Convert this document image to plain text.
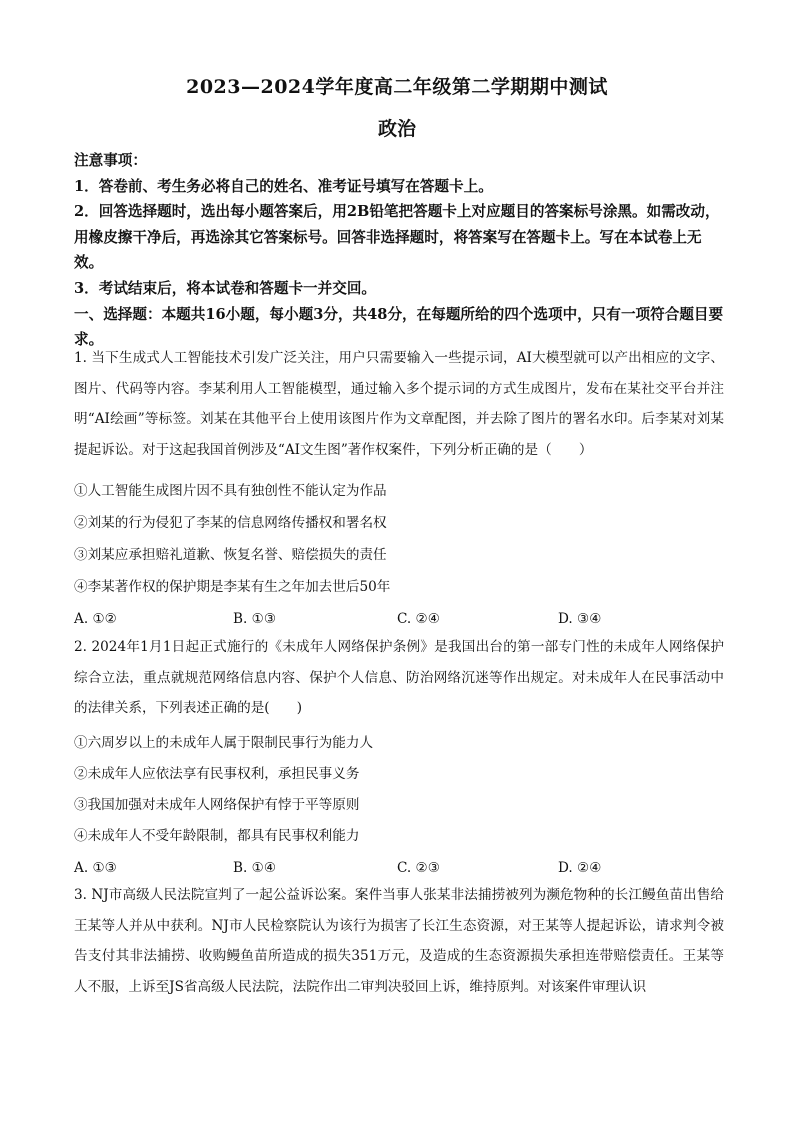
2023—2024学年度高二年级第二学期期中测试
政治

注意事项：

1．答卷前、考生务必将自己的姓名、准考证号填写在答题卡上。

2．回答选择题时，选出每小题答案后，用2B铅笔把答题卡上对应题目的答案标号涂黑。如需改动，用橡皮擦干净后，再选涂其它答案标号。回答非选择题时，将答案写在答题卡上。写在本试卷上无效。

3．考试结束后，将本试卷和答题卡一并交回。

一、选择题：本题共16小题，每小题3分，共48分，在每题所给的四个选项中，只有一项符合题目要求。

1. 当下生成式人工智能技术引发广泛关注，用户只需要输入一些提示词，AI大模型就可以产出相应的文字、图片、代码等内容。李某利用人工智能模型，通过输入多个提示词的方式生成图片，发布在某社交平台并注明“AI绘画”等标签。刘某在其他平台上使用该图片作为文章配图，并去除了图片的署名水印。后李某对刘某提起诉讼。对于这起我国首例涉及“AI文生图”著作权案件，下列分析正确的是（　　）

①人工智能生成图片因不具有独创性不能认定为作品
②刘某的行为侵犯了李某的信息网络传播权和署名权
③刘某应承担赔礼道歉、恢复名誉、赔偿损失的责任
④李某著作权的保护期是李某有生之年加去世后50年
A. ①②	B. ①③	C. ②④	D. ③④

2. 2024年1月1日起正式施行的《未成年人网络保护条例》是我国出台的第一部专门性的未成年人网络保护综合立法，重点就规范网络信息内容、保护个人信息、防治网络沉迷等作出规定。对未成年人在民事活动中的法律关系，下列表述正确的是(　　)

①六周岁以上的未成年人属于限制民事行为能力人
②未成年人应依法享有民事权利，承担民事义务
③我国加强对未成年人网络保护有悖于平等原则
④未成年人不受年龄限制，都具有民事权利能力
A. ①③	B. ①④	C. ②③	D. ②④

3. NJ市高级人民法院宣判了一起公益诉讼案。案件当事人张某非法捕捞被列为濒危物种的长江鳗鱼苗出售给王某等人并从中获利。NJ市人民检察院认为该行为损害了长江生态资源，对王某等人提起诉讼，请求判令被告支付其非法捕捞、收购鳗鱼苗所造成的损失351万元，及造成的生态资源损失承担连带赔偿责任。王某等人不服，上诉至JS省高级人民法院，法院作出二审判决驳回上诉，维持原判。对该案件审理认识
